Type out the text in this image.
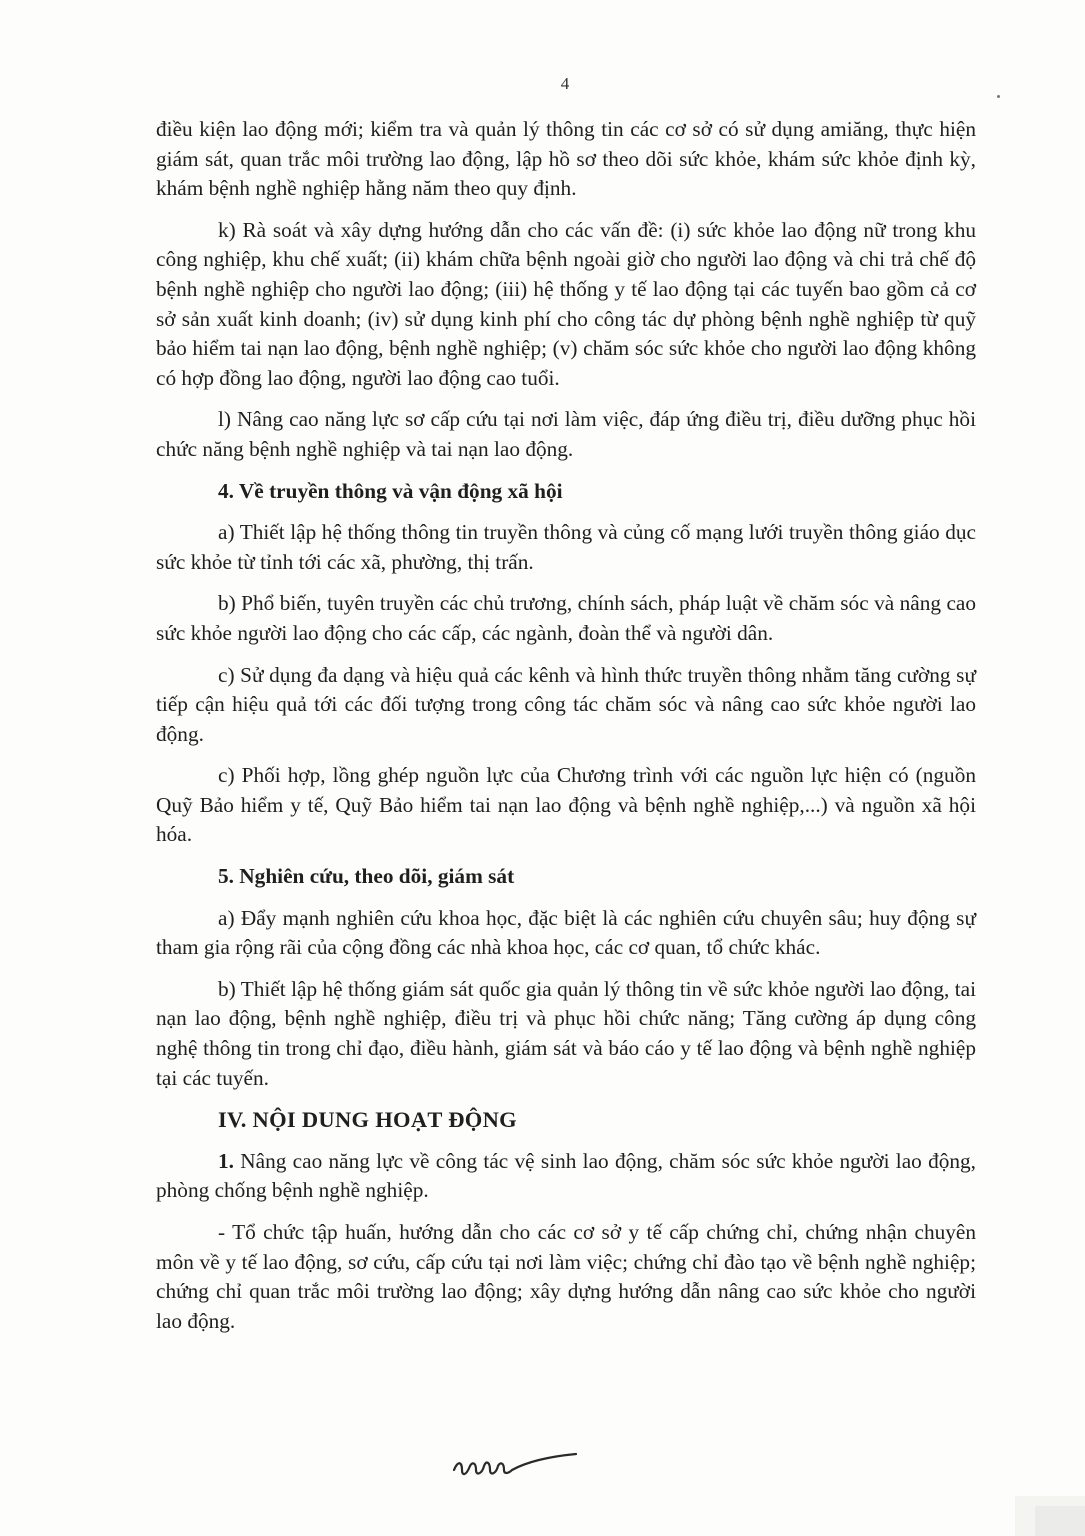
4

điều kiện lao động mới; kiểm tra và quản lý thông tin các cơ sở có sử dụng amiăng, thực hiện giám sát, quan trắc môi trường lao động, lập hồ sơ theo dõi sức khỏe, khám sức khỏe định kỳ, khám bệnh nghề nghiệp hằng năm theo quy định.

k) Rà soát và xây dựng hướng dẫn cho các vấn đề: (i) sức khỏe lao động nữ trong khu công nghiệp, khu chế xuất; (ii) khám chữa bệnh ngoài giờ cho người lao động và chi trả chế độ bệnh nghề nghiệp cho người lao động; (iii) hệ thống y tế lao động tại các tuyến bao gồm cả cơ sở sản xuất kinh doanh; (iv) sử dụng kinh phí cho công tác dự phòng bệnh nghề nghiệp từ quỹ bảo hiểm tai nạn lao động, bệnh nghề nghiệp; (v) chăm sóc sức khỏe cho người lao động không có hợp đồng lao động, người lao động cao tuổi.

l) Nâng cao năng lực sơ cấp cứu tại nơi làm việc, đáp ứng điều trị, điều dưỡng phục hồi chức năng bệnh nghề nghiệp và tai nạn lao động.

4. Về truyền thông và vận động xã hội

a) Thiết lập hệ thống thông tin truyền thông và củng cố mạng lưới truyền thông giáo dục sức khỏe từ tỉnh tới các xã, phường, thị trấn.

b) Phổ biến, tuyên truyền các chủ trương, chính sách, pháp luật về chăm sóc và nâng cao sức khỏe người lao động cho các cấp, các ngành, đoàn thể và người dân.

c) Sử dụng đa dạng và hiệu quả các kênh và hình thức truyền thông nhằm tăng cường sự tiếp cận hiệu quả tới các đối tượng trong công tác chăm sóc và nâng cao sức khỏe người lao động.

c) Phối hợp, lồng ghép nguồn lực của Chương trình với các nguồn lực hiện có (nguồn Quỹ Bảo hiểm y tế, Quỹ Bảo hiểm tai nạn lao động và bệnh nghề nghiệp,...) và nguồn xã hội hóa.

5. Nghiên cứu, theo dõi, giám sát

a) Đẩy mạnh nghiên cứu khoa học, đặc biệt là các nghiên cứu chuyên sâu; huy động sự tham gia rộng rãi của cộng đồng các nhà khoa học, các cơ quan, tổ chức khác.

b) Thiết lập hệ thống giám sát quốc gia quản lý thông tin về sức khỏe người lao động, tai nạn lao động, bệnh nghề nghiệp, điều trị và phục hồi chức năng; Tăng cường áp dụng công nghệ thông tin trong chỉ đạo, điều hành, giám sát và báo cáo y tế lao động và bệnh nghề nghiệp tại các tuyến.

IV. NỘI DUNG HOẠT ĐỘNG

1. Nâng cao năng lực về công tác vệ sinh lao động, chăm sóc sức khỏe người lao động, phòng chống bệnh nghề nghiệp.

- Tổ chức tập huấn, hướng dẫn cho các cơ sở y tế cấp chứng chỉ, chứng nhận chuyên môn về y tế lao động, sơ cứu, cấp cứu tại nơi làm việc; chứng chỉ đào tạo về bệnh nghề nghiệp; chứng chỉ quan trắc môi trường lao động; xây dựng hướng dẫn nâng cao sức khỏe cho người lao động.
